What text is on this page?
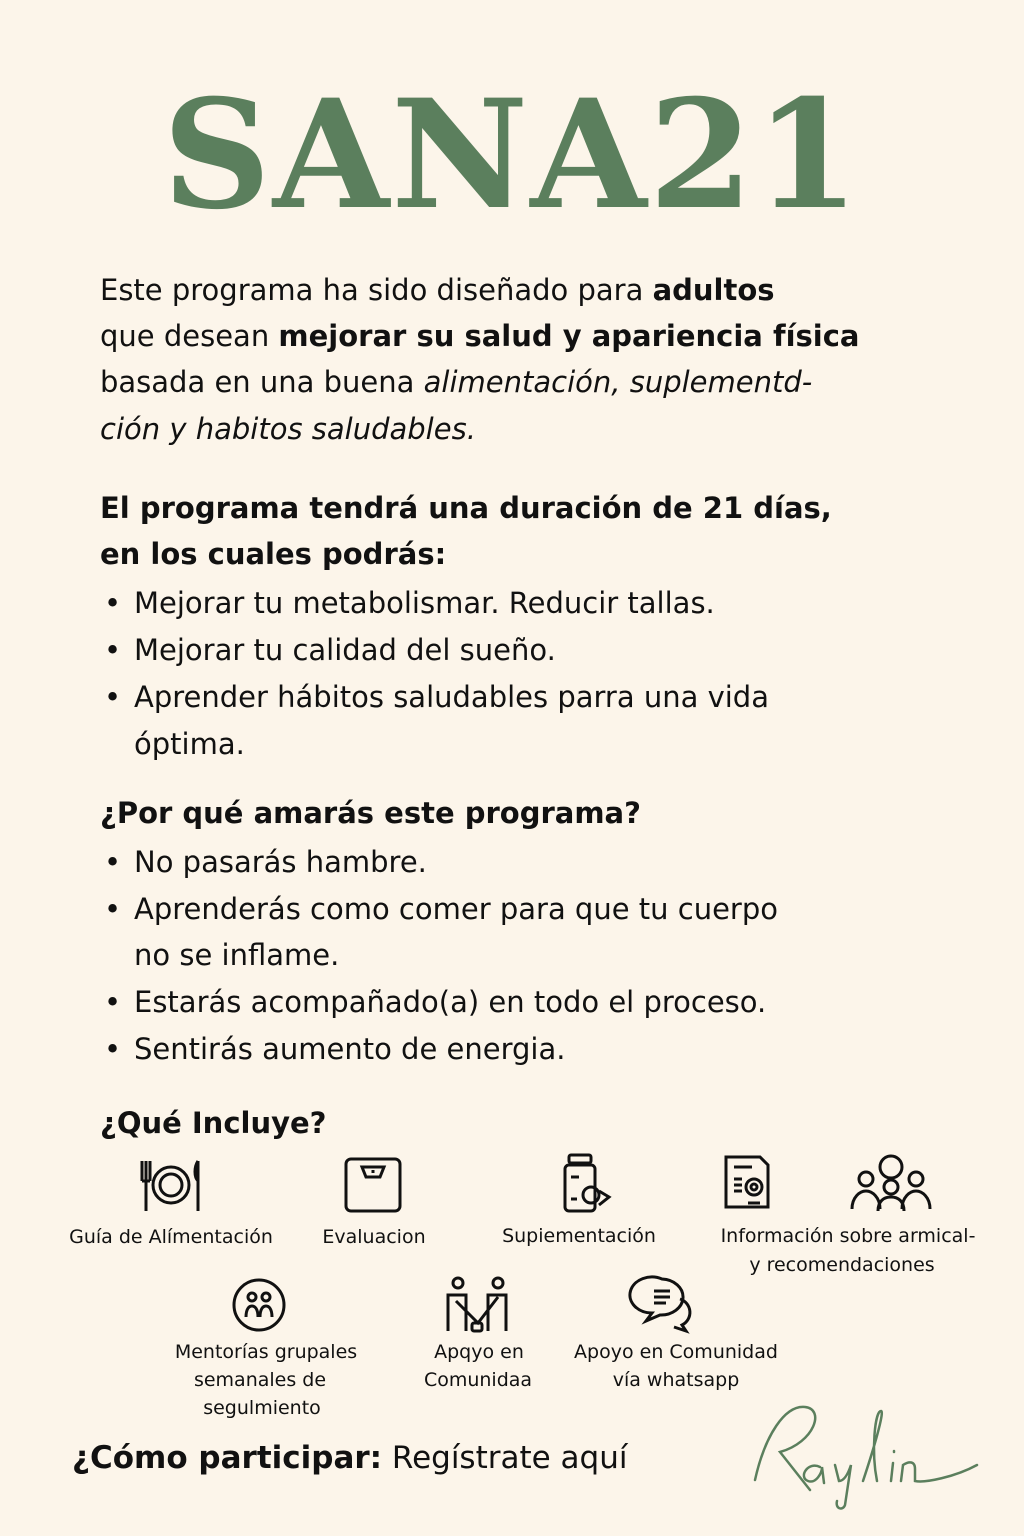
SANA21
Este programa ha sido diseñado para adultos
que desean mejorar su salud y apariencia física
basada en una buena alimentación, suplementd-
ción y habitos saludables.
El programa tendrá una duración de 21 días,
en los cuales podrás:
• Mejorar tu metabolismar. Reducir tallas.
• Mejorar tu calidad del sueño.
• Aprender hábitos saludables parra una vida
óptima.
¿Por qué amarás este programa?
• No pasarás hambre.
• Aprenderás como comer para que tu cuerpo
no se inflame.
• Estarás acompañado(a) en todo el proceso.
• Sentirás aumento de energia.
¿Qué Incluye?
Guía de Alímentación	Evaluacion	Supiementación	Información sobre armical-
y recomendaciones
Mentorías grupales
semanales de
segulmiento
Apqyo en
Comunidaa
Apoyo en Comunidad
vía whatsapp
¿Cómo participar: Regístrate aquí
